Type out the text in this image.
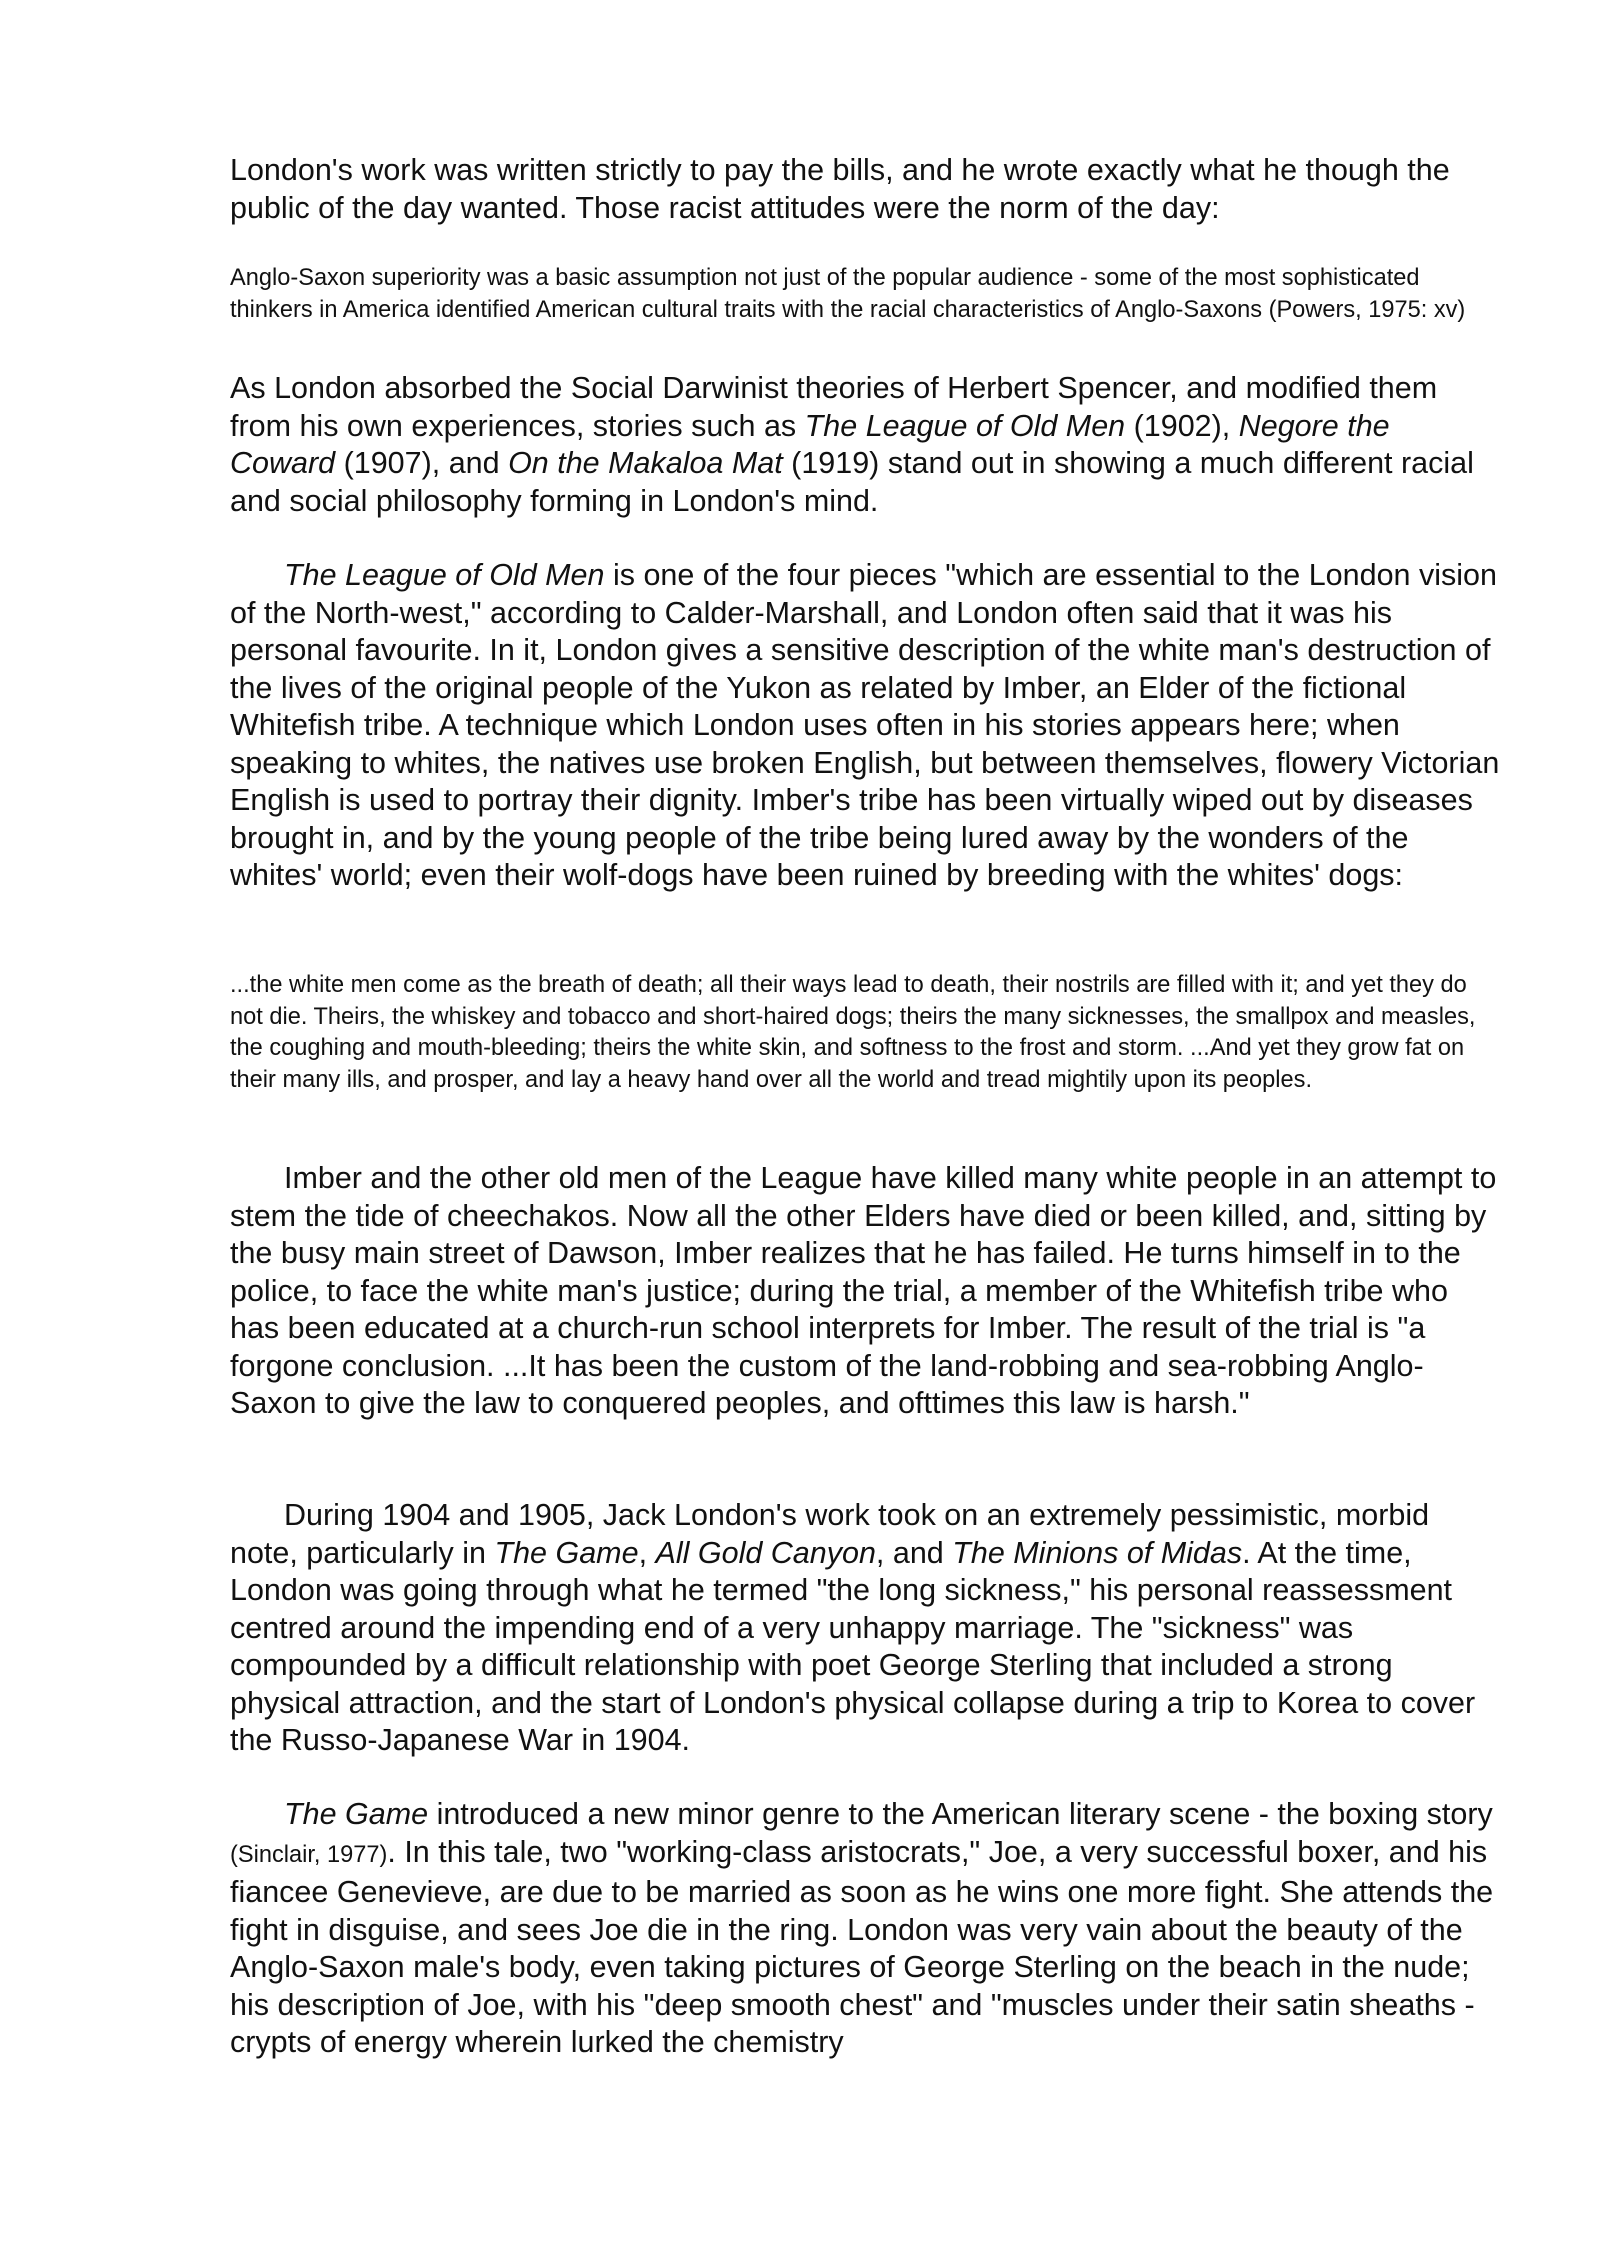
London's work was written strictly to pay the bills, and he wrote exactly what he though the public of the day wanted. Those racist attitudes were the norm of the day:

Anglo-Saxon superiority was a basic assumption not just of the popular audience - some of the most sophisticated thinkers in America identified American cultural traits with the racial characteristics of Anglo-Saxons (Powers, 1975: xv)

As London absorbed the Social Darwinist theories of Herbert Spencer, and modified them from his own experiences, stories such as The League of Old Men (1902), Negore the Coward (1907), and On the Makaloa Mat (1919) stand out in showing a much different racial and social philosophy forming in London's mind.

The League of Old Men is one of the four pieces "which are essential to the London vision of the North-west," according to Calder-Marshall, and London often said that it was his personal favourite. In it, London gives a sensitive description of the white man's destruction of the lives of the original people of the Yukon as related by Imber, an Elder of the fictional Whitefish tribe. A technique which London uses often in his stories appears here; when speaking to whites, the natives use broken English, but between themselves, flowery Victorian English is used to portray their dignity. Imber's tribe has been virtually wiped out by diseases brought in, and by the young people of the tribe being lured away by the wonders of the whites' world; even their wolf-dogs have been ruined by breeding with the whites' dogs:

...the white men come as the breath of death; all their ways lead to death, their nostrils are filled with it; and yet they do not die. Theirs, the whiskey and tobacco and short-haired dogs; theirs the many sicknesses, the smallpox and measles, the coughing and mouth-bleeding; theirs the white skin, and softness to the frost and storm. ...And yet they grow fat on their many ills, and prosper, and lay a heavy hand over all the world and tread mightily upon its peoples.

Imber and the other old men of the League have killed many white people in an attempt to stem the tide of cheechakos. Now all the other Elders have died or been killed, and, sitting by the busy main street of Dawson, Imber realizes that he has failed. He turns himself in to the police, to face the white man's justice; during the trial, a member of the Whitefish tribe who has been educated at a church-run school interprets for Imber. The result of the trial is "a forgone conclusion. ...It has been the custom of the land-robbing and sea-robbing Anglo-Saxon to give the law to conquered peoples, and ofttimes this law is harsh."

During 1904 and 1905, Jack London's work took on an extremely pessimistic, morbid note, particularly in The Game, All Gold Canyon, and The Minions of Midas. At the time, London was going through what he termed "the long sickness," his personal reassessment centred around the impending end of a very unhappy marriage. The "sickness" was compounded by a difficult relationship with poet George Sterling that included a strong physical attraction, and the start of London's physical collapse during a trip to Korea to cover the Russo-Japanese War in 1904.

The Game introduced a new minor genre to the American literary scene - the boxing story (Sinclair, 1977). In this tale, two "working-class aristocrats," Joe, a very successful boxer, and his fiancee Genevieve, are due to be married as soon as he wins one more fight. She attends the fight in disguise, and sees Joe die in the ring. London was very vain about the beauty of the Anglo-Saxon male's body, even taking pictures of George Sterling on the beach in the nude; his description of Joe, with his "deep smooth chest" and "muscles under their satin sheaths - crypts of energy wherein lurked the chemistry
